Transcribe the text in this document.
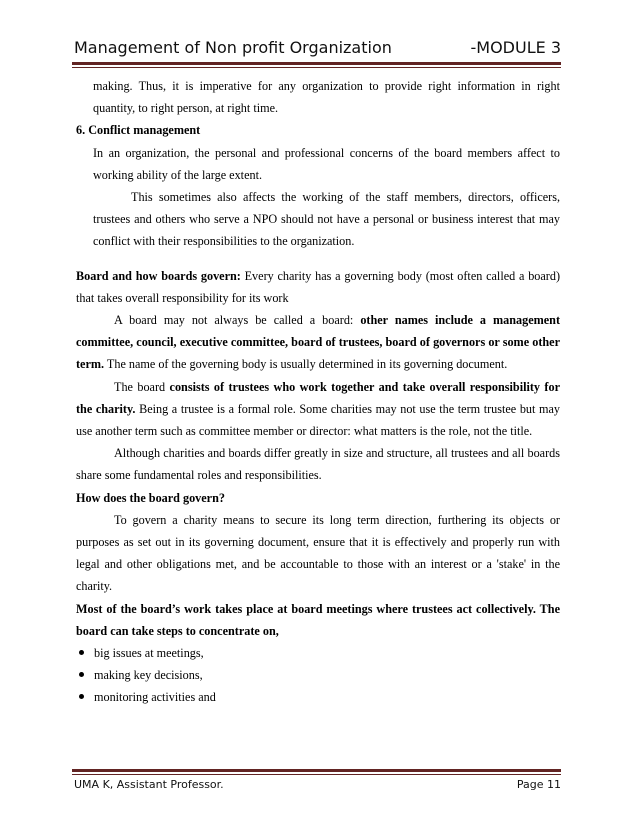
Management of Non profit Organization	-MODULE 3

making. Thus, it is imperative for any organization to provide right information in right quantity, to right person, at right time.

6. Conflict management

In an organization, the personal and professional concerns of the board members affect to working ability of the large extent.

This sometimes also affects the working of the staff members, directors, officers, trustees and others who serve a NPO should not have a personal or business interest that may conflict with their responsibilities to the organization.

Board and how boards govern: Every charity has a governing body (most often called a board) that takes overall responsibility for its work

A board may not always be called a board: other names include a management committee, council, executive committee, board of trustees, board of governors or some other term. The name of the governing body is usually determined in its governing document.

The board consists of trustees who work together and take overall responsibility for the charity. Being a trustee is a formal role. Some charities may not use the term trustee but may use another term such as committee member or director: what matters is the role, not the title.

Although charities and boards differ greatly in size and structure, all trustees and all boards share some fundamental roles and responsibilities.

How does the board govern?

To govern a charity means to secure its long term direction, furthering its objects or purposes as set out in its governing document, ensure that it is effectively and properly run with legal and other obligations met, and be accountable to those with an interest or a 'stake' in the charity.

Most of the board’s work takes place at board meetings where trustees act collectively. The board can take steps to concentrate on,

big issues at meetings,
making key decisions,
monitoring activities and
UMA K, Assistant Professor.	Page 11
